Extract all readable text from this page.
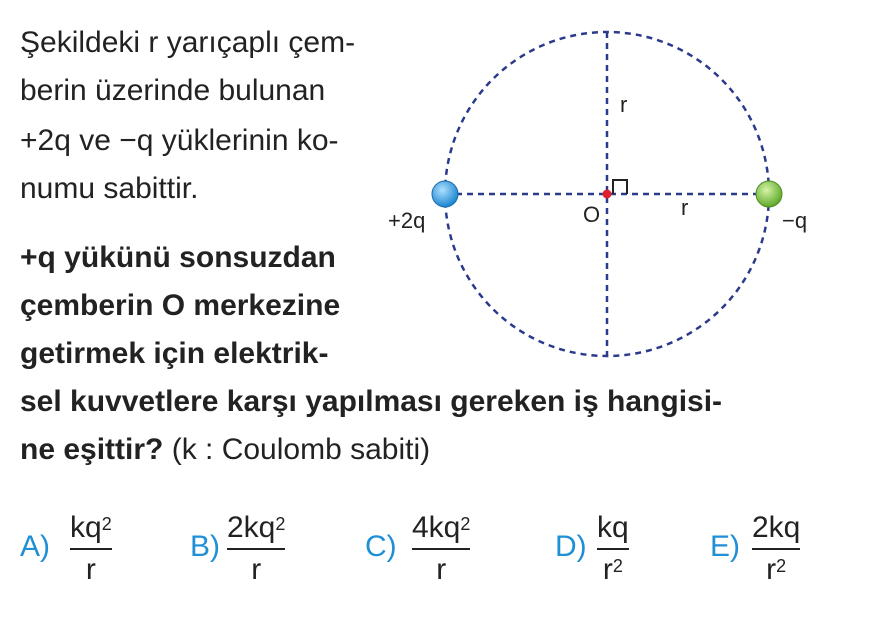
Şekildeki r yarıçaplı çem-
berin üzerinde bulunan
+2q ve −q yüklerinin ko-
numu sabittir.
+q yükünü sonsuzdan
çemberin O merkezine
getirmek için elektrik-
sel kuvvetlere karşı yapılması gereken iş hangisi-
ne eşittir? (k : Coulomb sabiti)
+2q	−q
O
r
r
A)
$kq^2$
r
B)
$2kq^2$
r
C)
$4kq^2$
r
D)
kq
$r^2$
E)
2kq
$r^2$
